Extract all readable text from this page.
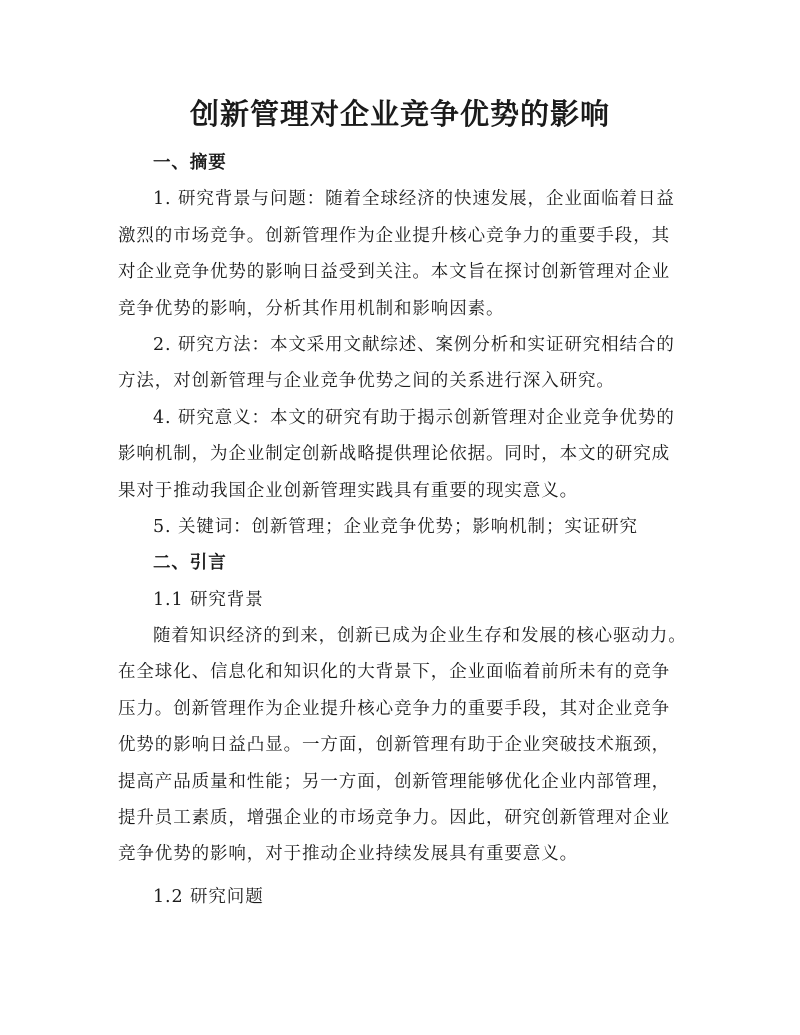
创新管理对企业竞争优势的影响
一、摘要
1. 研究背景与问题：随着全球经济的快速发展，企业面临着日益
激烈的市场竞争。创新管理作为企业提升核心竞争力的重要手段，其
对企业竞争优势的影响日益受到关注。本文旨在探讨创新管理对企业
竞争优势的影响，分析其作用机制和影响因素。
2. 研究方法：本文采用文献综述、案例分析和实证研究相结合的
方法，对创新管理与企业竞争优势之间的关系进行深入研究。
4. 研究意义：本文的研究有助于揭示创新管理对企业竞争优势的
影响机制，为企业制定创新战略提供理论依据。同时，本文的研究成
果对于推动我国企业创新管理实践具有重要的现实意义。
5. 关键词：创新管理；企业竞争优势；影响机制；实证研究
二、引言
1.1 研究背景
随着知识经济的到来，创新已成为企业生存和发展的核心驱动力。
在全球化、信息化和知识化的大背景下，企业面临着前所未有的竞争
压力。创新管理作为企业提升核心竞争力的重要手段，其对企业竞争
优势的影响日益凸显。一方面，创新管理有助于企业突破技术瓶颈，
提高产品质量和性能；另一方面，创新管理能够优化企业内部管理，
提升员工素质，增强企业的市场竞争力。因此，研究创新管理对企业
竞争优势的影响，对于推动企业持续发展具有重要意义。
1.2 研究问题
